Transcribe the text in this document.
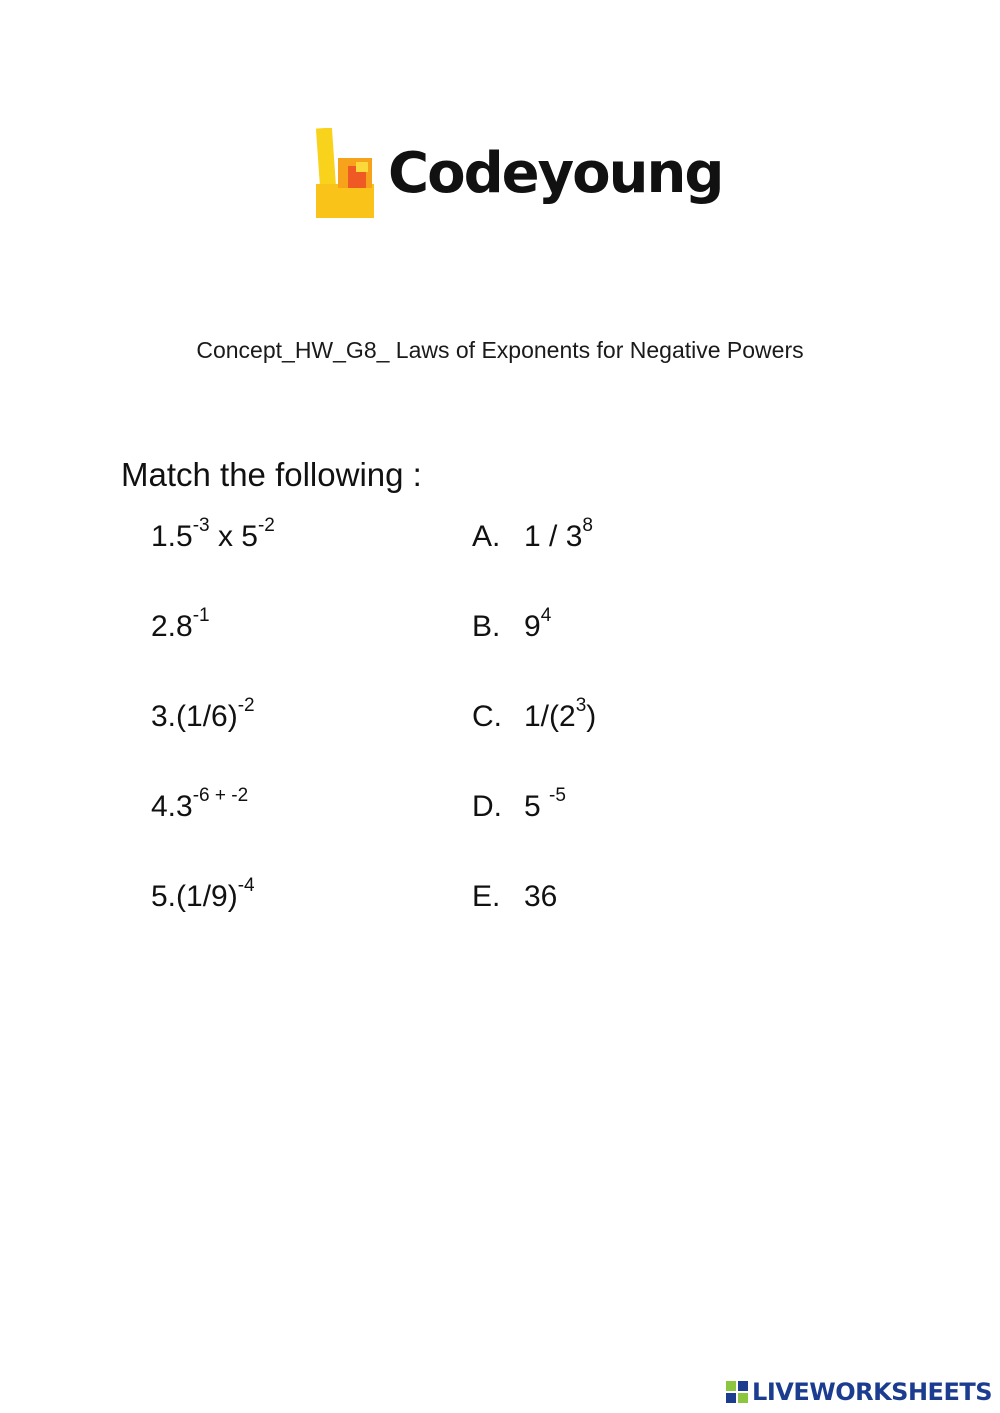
Codeyoung
Concept_HW_G8_ Laws of Exponents for Negative Powers
Match the following :
$1.5^{-3}$ x $5^{-2}$
$2.8^{-1}$
$3.(1/6)^{-2}$
$4.3^{-6 + -2}$
$5.(1/9)^{-4}$
A. $1 / 3^8$
B. $9^4$
C. $1/(2^3)$
D. 5 $^{-5}$
E. 36
LIVEWORKSHEETS
